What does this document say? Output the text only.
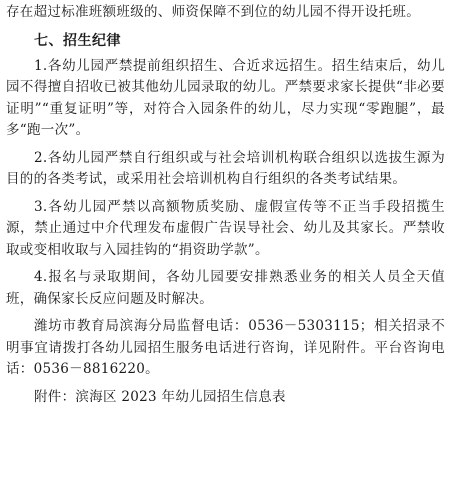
存在超过标准班额班级的、师资保障不到位的幼儿园不得开设托班。

七、招生纪律

1.各幼儿园严禁提前组织招生、合近求远招生。招生结束后，幼儿园不得擅自招收已被其他幼儿园录取的幼儿。严禁要求家长提供“非必要证明”“重复证明”等，对符合入园条件的幼儿，尽力实现“零跑腿”，最多“跑一次”。

2.各幼儿园严禁自行组织或与社会培训机构联合组织以选拔生源为目的的各类考试，或采用社会培训机构自行组织的各类考试结果。

3.各幼儿园严禁以高额物质奖励、虚假宣传等不正当手段招揽生源，禁止通过中介代理发布虚假广告误导社会、幼儿及其家长。严禁收取或变相收取与入园挂钩的“捐资助学款”。

4.报名与录取期间，各幼儿园要安排熟悉业务的相关人员全天值班，确保家长反应问题及时解决。

潍坊市教育局滨海分局监督电话：0536－5303115；相关招录不明事宜请拨打各幼儿园招生服务电话进行咨询，详见附件。平台咨询电话：0536－8816220。

附件：滨海区 2023 年幼儿园招生信息表
